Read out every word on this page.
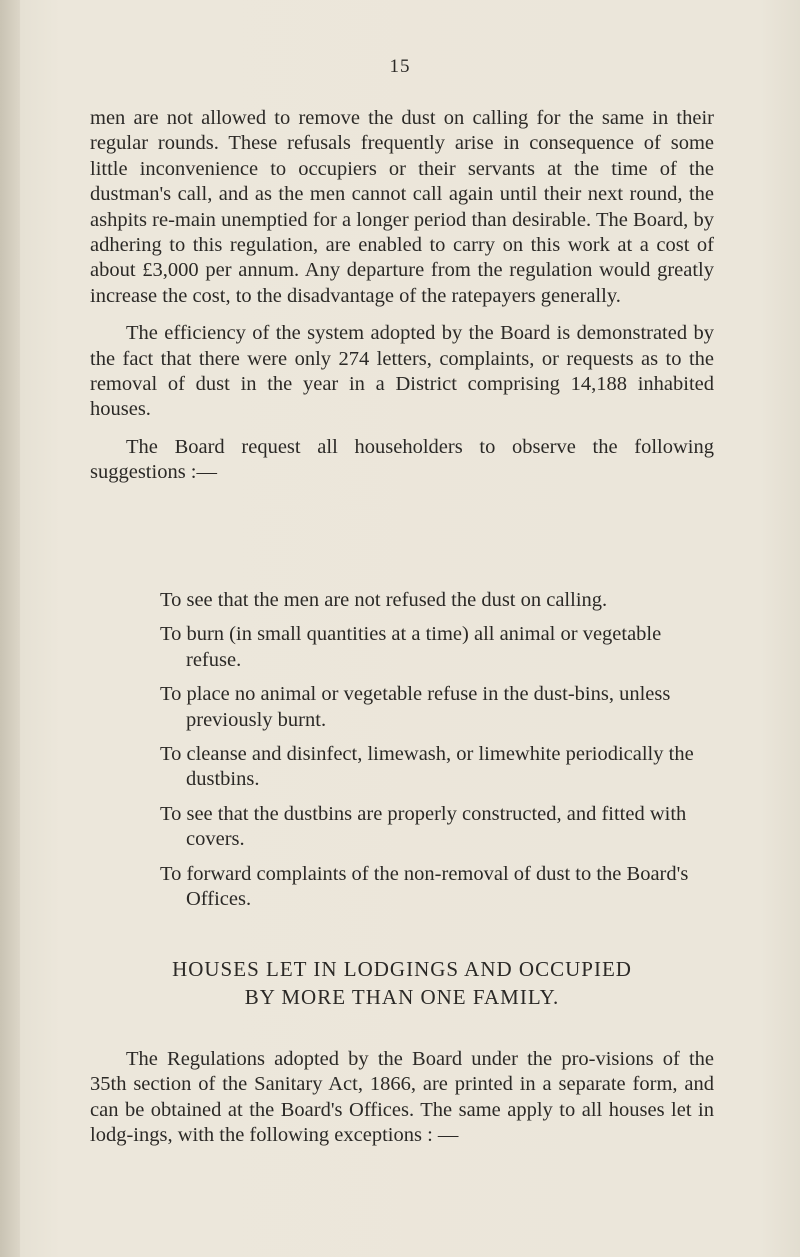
15

men are not allowed to remove the dust on calling for the same in their regular rounds. These refusals frequently arise in consequence of some little inconvenience to occupiers or their servants at the time of the dustman's call, and as the men cannot call again until their next round, the ashpits re-main unemptied for a longer period than desirable. The Board, by adhering to this regulation, are enabled to carry on this work at a cost of about £3,000 per annum. Any departure from the regulation would greatly increase the cost, to the disadvantage of the ratepayers generally.

The efficiency of the system adopted by the Board is demonstrated by the fact that there were only 274 letters, complaints, or requests as to the removal of dust in the year in a District comprising 14,188 inhabited houses.

The Board request all householders to observe the following suggestions :—

To see that the men are not refused the dust on calling.
To burn (in small quantities at a time) all animal or vegetable refuse.
To place no animal or vegetable refuse in the dust-bins, unless previously burnt.
To cleanse and disinfect, limewash, or limewhite periodically the dustbins.
To see that the dustbins are properly constructed, and fitted with covers.
To forward complaints of the non-removal of dust to the Board's Offices.
HOUSES LET IN LODGINGS AND OCCUPIED
BY MORE THAN ONE FAMILY.

The Regulations adopted by the Board under the pro-visions of the 35th section of the Sanitary Act, 1866, are printed in a separate form, and can be obtained at the Board's Offices. The same apply to all houses let in lodg-ings, with the following exceptions : —
